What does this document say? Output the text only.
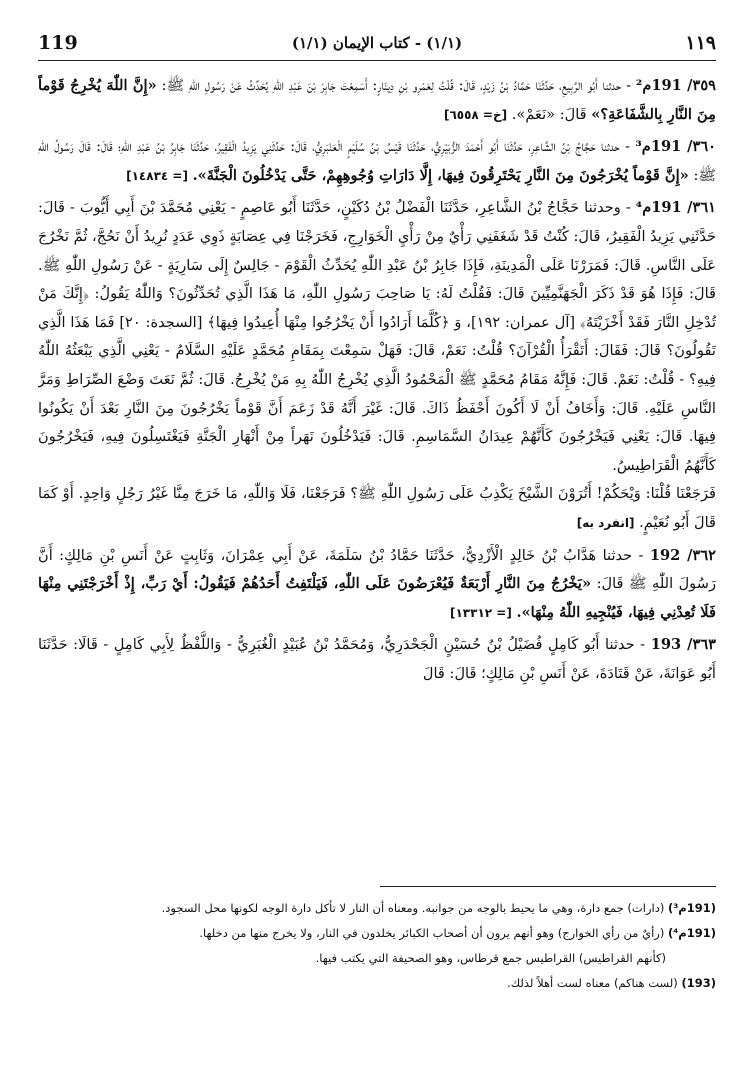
119	(١/١) - كتاب الإيمان (١/١)	١١٩

٣٥٩/ 191م² - حدثنا أَبُو الرَّبِيعِ، حَدَّثَنَا حَمَّادُ بْنُ زَيْدٍ، قَالَ: قُلْتُ لِعَمْرِو بْنِ دِينَارٍ: أَسَمِعْتَ جَابِرَ بْنَ عَبْدِ اللّٰهِ يُحَدِّثُ عَنْ رَسُولِ اللّٰهِ ﷺ: «إِنَّ اللّٰهَ يُخْرِجُ قَوْماً مِنَ النَّارِ بِالشَّفَاعَةِ؟» قَالَ: «نَعَمْ». [خ= ٦٥٥٨]

٣٦٠/ 191م³ - حدثنا حَجَّاجُ بْنُ الشَّاعِرِ، حَدَّثَنَا أَبُو أَحْمَدَ الزُّبَيْرِيُّ، حَدَّثَنَا قَيْسُ بْنُ سُلَيْمٍ الْعَنْبَرِيُّ، قَالَ: حَدَّثَنِي يَزِيدُ الْفَقِيرُ، حَدَّثَنَا جَابِرُ بْنُ عَبْدِ اللّٰهِ؛ قَالَ: قَالَ رَسُولُ اللّٰهِ ﷺ: «إِنَّ قَوْماً يُخْرَجُونَ مِنَ النَّارِ يَحْتَرِقُونَ فِيهَا، إِلَّا دَارَاتِ وُجُوهِهِمْ، حَتَّى يَدْخُلُونَ الْجَنَّةَ». [= ١٤٨٣٤]

٣٦١/ 191م⁴ - وحدثنا حَجَّاجُ بْنُ الشَّاعِرِ، حَدَّثَنَا الْفَضْلُ بْنُ دُكَيْنٍ، حَدَّثَنَا أَبُو عَاصِمٍ - يَعْنِي مُحَمَّدَ بْنَ أَبِي أَيُّوبَ - قَالَ: حَدَّثَنِي يَزِيدُ الْفَقِيرُ، قَالَ: كُنْتُ قَدْ شَغَفَنِي رَأْيٌ مِنْ رَأْيِ الْخَوَارِجِ، فَخَرَجْنَا فِي عِصَابَةٍ ذَوِي عَدَدٍ نُرِيدُ أَنْ نَحُجَّ، ثُمَّ نَخْرُجَ عَلَى النَّاسِ. قَالَ: فَمَرَرْنَا عَلَى الْمَدِينَةِ، فَإِذَا جَابِرُ بْنُ عَبْدِ اللّٰهِ يُحَدِّثُ الْقَوْمَ - جَالِسٌ إِلَى سَارِيَةٍ - عَنْ رَسُولِ اللّٰهِ ﷺ. قَالَ: فَإِذَا هُوَ قَدْ ذَكَرَ الْجَهَنَّمِيِّينَ قَالَ: فَقُلْتُ لَهُ: يَا صَاحِبَ رَسُولِ اللّٰهِ، مَا هَذَا الَّذِي تُحَدِّثُونَ؟ وَاللّٰهُ يَقُولُ: ﴿إِنَّكَ مَنْ تُدْخِلِ النَّارَ فَقَدْ أَخْزَيْتَهُ﴾ [آل عمران: ١٩٢]، وَ ﴿كُلَّمَا أَرَادُوا أَنْ يَخْرُجُوا مِنْهَا أُعِيدُوا فِيهَا﴾ [السجدة: ٢٠] فَمَا هَذَا الَّذِي تَقُولُونَ؟ قَالَ: فَقَالَ: أَتَقْرَأُ الْقُرْآنَ؟ قُلْتُ: نَعَمْ، قَالَ: فَهَلْ سَمِعْتَ بِمَقَامِ مُحَمَّدٍ عَلَيْهِ السَّلَامُ - يَعْنِي الَّذِي يَبْعَثُهُ اللّٰهُ فِيهِ؟ - قُلْتُ: نَعَمْ. قَالَ: فَإِنَّهُ مَقَامُ مُحَمَّدٍ ﷺ الْمَحْمُودُ الَّذِي يُخْرِجُ اللّٰهُ بِهِ مَنْ يُخْرِجُ. قَالَ: ثُمَّ نَعَتَ وَضْعَ الصِّرَاطِ وَمَرَّ النَّاسِ عَلَيْهِ. قَالَ: وَأَخَافُ أَنْ لَا أَكُونَ أَحْفَظُ ذَاكَ. قَالَ: غَيْرَ أَنَّهُ قَدْ زَعَمَ أَنَّ قَوْماً يَخْرُجُونَ مِنَ النَّارِ بَعْدَ أَنْ يَكُونُوا فِيهَا. قَالَ: يَعْنِي فَيَخْرُجُونَ كَأَنَّهُمْ عِيدَانُ السَّمَاسِمِ. قَالَ: فَيَدْخُلُونَ نَهَراً مِنْ أَنْهَارِ الْجَنَّةِ فَيَغْتَسِلُونَ فِيهِ، فَيَخْرُجُونَ كَأَنَّهُمُ الْقَرَاطِيسُ.

فَرَجَعْنَا قُلْنَا: وَيْحَكُمْ! أَتُرَوْنَ الشَّيْخَ يَكْذِبُ عَلَى رَسُولِ اللّٰهِ ﷺ؟ فَرَجَعْنَا، فَلَا وَاللّٰهِ، مَا خَرَجَ مِنَّا غَيْرُ رَجُلٍ وَاحِدٍ. أَوْ كَمَا قَالَ أَبُو نُعَيْمٍ. [انفرد به]

٣٦٢/ 192 - حدثنا هَدَّابُ بْنُ خَالِدٍ الْأَزْدِيُّ، حَدَّثَنَا حَمَّادُ بْنُ سَلَمَةَ، عَنْ أَبِي عِمْرَانَ، وَثَابِتٍ عَنْ أَنَسِ بْنِ مَالِكٍ: أَنَّ رَسُولَ اللّٰهِ ﷺ قَالَ: «يَخْرُجُ مِنَ النَّارِ أَرْبَعَةٌ فَيُعْرَضُونَ عَلَى اللّٰهِ، فَيَلْتَفِتُ أَحَدُهُمْ فَيَقُولُ: أَيْ رَبِّ، إِذْ أَخْرَجْتَنِي مِنْهَا فَلَا تُعِدْنِي فِيهَا، فَيُنْجِيهِ اللّٰهُ مِنْهَا». [= ١٣٣١٢]

٣٦٣/ 193 - حدثنا أَبُو كَامِلٍ فُضَيْلُ بْنُ حُسَيْنٍ الْجَحْدَرِيُّ، وَمُحَمَّدُ بْنُ عُبَيْدٍ الْغُبَرِيُّ - وَاللَّفْظُ لِأَبِي كَامِلٍ - قَالَا: حَدَّثَنَا أَبُو عَوَانَةَ، عَنْ قَتَادَةَ، عَنْ أَنَسِ بْنِ مَالِكٍ؛ قَالَ: قَالَ

(191م³) (دارات) جمع دارة، وهي ما يحيط بالوجه من جوانبه. ومعناه أن النار لا تأكل دارة الوجه لكونها محل السجود.

(191م⁴) (رأيٌ من رأي الخوارج) وهو أنهم يرون أن أصحاب الكبائر يخلدون في النار، ولا يخرج منها من دخلها.

(كأنهم القراطيس) القراطيس جمع قرطاس، وهو الصحيفة التي يكتب فيها.

(193) (لست هناكم) معناه لست أهلاً لذلك.
